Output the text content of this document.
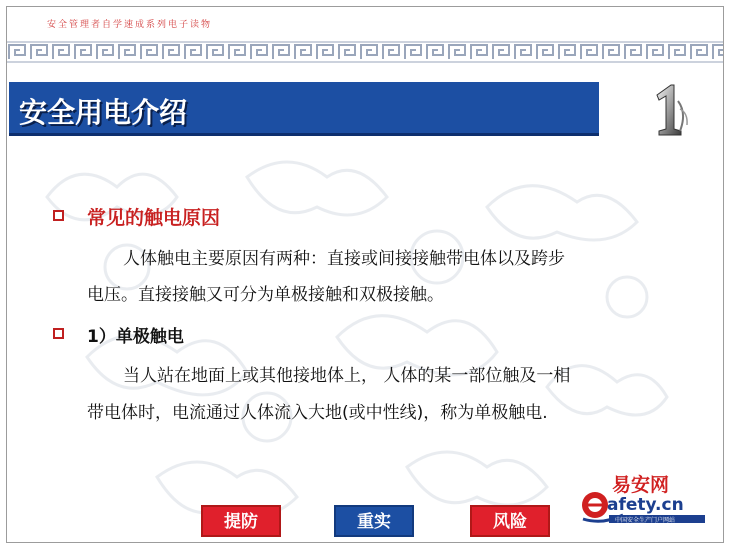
安全管理者自学速成系列电子读物
安全用电介绍
常见的触电原因
人体触电主要原因有两种：直接或间接接触带电体以及跨步
电压。直接接触又可分为单极接触和双极接触。
1）单极触电
当人站在地面上或其他接地体上， 人体的某一部位触及一相
带电体时，电流通过人体流入大地(或中性线)，称为单极触电.
易安网
afety.cn
中国安全生产门户网站
提防	重实	风险
